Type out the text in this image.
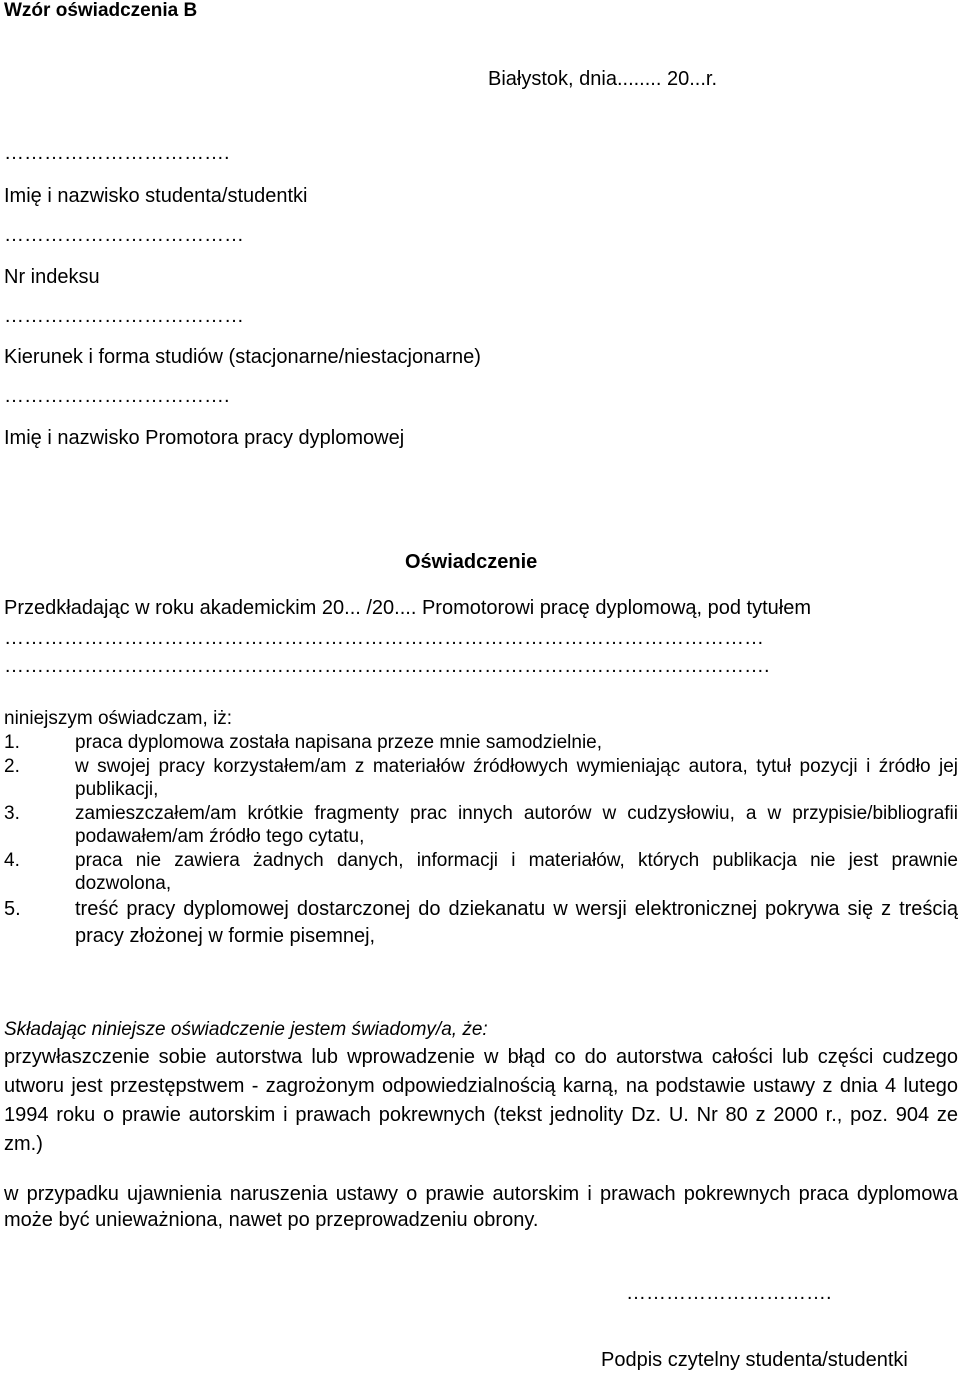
Wzór oświadczenia B
Białystok, dnia........ 20...r.
…………………………….
Imię i nazwisko studenta/studentki
………………………………
Nr indeksu
………………………………
Kierunek i forma studiów (stacjonarne/niestacjonarne)
…………………………….
Imię i nazwisko Promotora pracy dyplomowej
Oświadczenie
Przedkładając w roku akademickim 20... /20.... Promotorowi pracę dyplomową, pod tytułem
……………………………………………………………………………………………………
…………………………………………………………………………………………………….
niniejszym oświadczam, iż:
1.	praca dyplomowa została napisana przeze mnie samodzielnie,
2.	w swojej pracy korzystałem/am z materiałów źródłowych wymieniając autora, tytuł pozycji i źródło jej publikacji,
3.	zamieszczałem/am krótkie fragmenty prac innych autorów w cudzysłowiu, a w przypisie/bibliografii podawałem/am źródło tego cytatu,
4.	praca nie zawiera żadnych danych, informacji i materiałów, których publikacja nie jest prawnie dozwolona,
5.	treść pracy dyplomowej dostarczonej do dziekanatu w wersji elektronicznej pokrywa się z treścią pracy złożonej w formie pisemnej,
Składając niniejsze oświadczenie jestem świadomy/a, że:
przywłaszczenie sobie autorstwa lub wprowadzenie w błąd co do autorstwa całości lub części cudzego utworu jest przestępstwem - zagrożonym odpowiedzialnością karną, na podstawie ustawy z dnia 4 lutego 1994 roku o prawie autorskim i prawach pokrewnych (tekst jednolity Dz. U. Nr 80 z 2000 r., poz. 904 ze zm.)
w przypadku ujawnienia naruszenia ustawy o prawie autorskim i prawach pokrewnych praca dyplomowa może być unieważniona, nawet po przeprowadzeniu obrony.
………………………….
Podpis czytelny studenta/studentki
